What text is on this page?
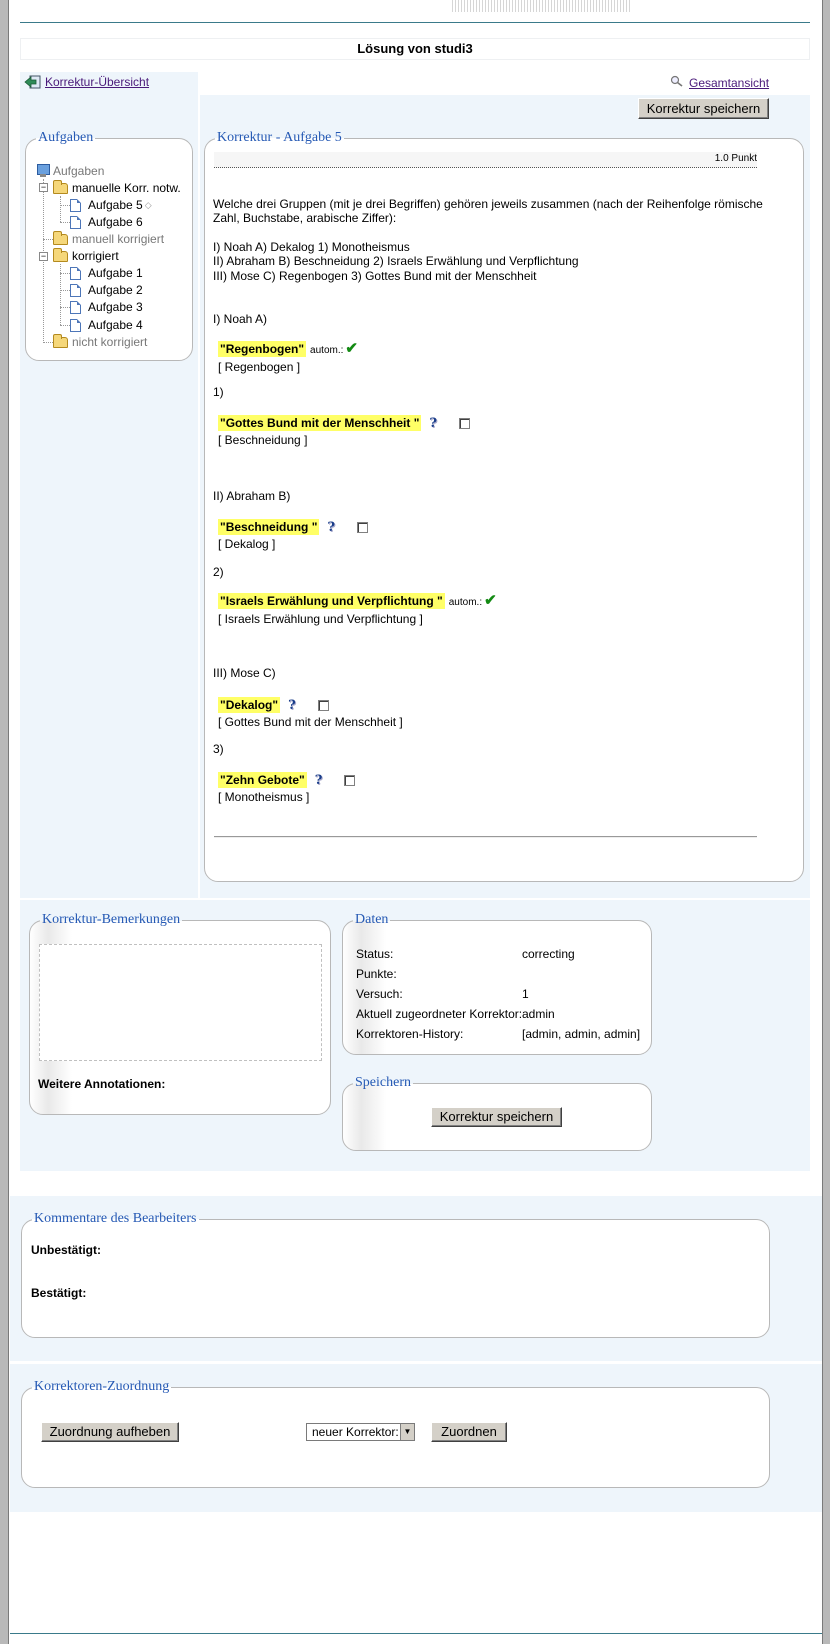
Lösung von studi3
Korrektur-Übersicht	Gesamtansicht
Korrektur speichern
Aufgaben
Aufgaben
− manuelle Korr. notw.
Aufgabe 5 ◇
Aufgabe 6
manuell korrigiert
− korrigiert
Aufgabe 1
Aufgabe 2
Aufgabe 3
Aufgabe 4
nicht korrigiert
Korrektur - Aufgabe 5
1.0 Punkt
Welche drei Gruppen (mit je drei Begriffen) gehören jeweils zusammen (nach der Reihenfolge römische
Zahl, Buchstabe, arabische Ziffer):
I) Noah A) Dekalog 1) Monotheismus
II) Abraham B) Beschneidung 2) Israels Erwählung und Verpflichtung
III) Mose C) Regenbogen 3) Gottes Bund mit der Menschheit
I) Noah A)
"Regenbogen" autom.: ✔
[ Regenbogen ]
1)
"Gottes Bund mit der Menschheit " ?
[ Beschneidung ]
II) Abraham B)
"Beschneidung " ?
[ Dekalog ]
2)
"Israels Erwählung und Verpflichtung " autom.: ✔
[ Israels Erwählung und Verpflichtung ]
III) Mose C)
"Dekalog" ?
[ Gottes Bund mit der Menschheit ]
3)
"Zehn Gebote" ?
[ Monotheismus ]
Korrektur-Bemerkungen
Weitere Annotationen:
Daten
Status:	correcting
Punkte:
Versuch:	1
Aktuell zugeordneter Korrektor: admin
Korrektoren-History:	[admin, admin, admin]
Speichern
Korrektur speichern
Kommentare des Bearbeiters
Unbestätigt:
Bestätigt:
Korrektoren-Zuordnung
Zuordnung aufheben	neuer Korrektor: ▼	Zuordnen
